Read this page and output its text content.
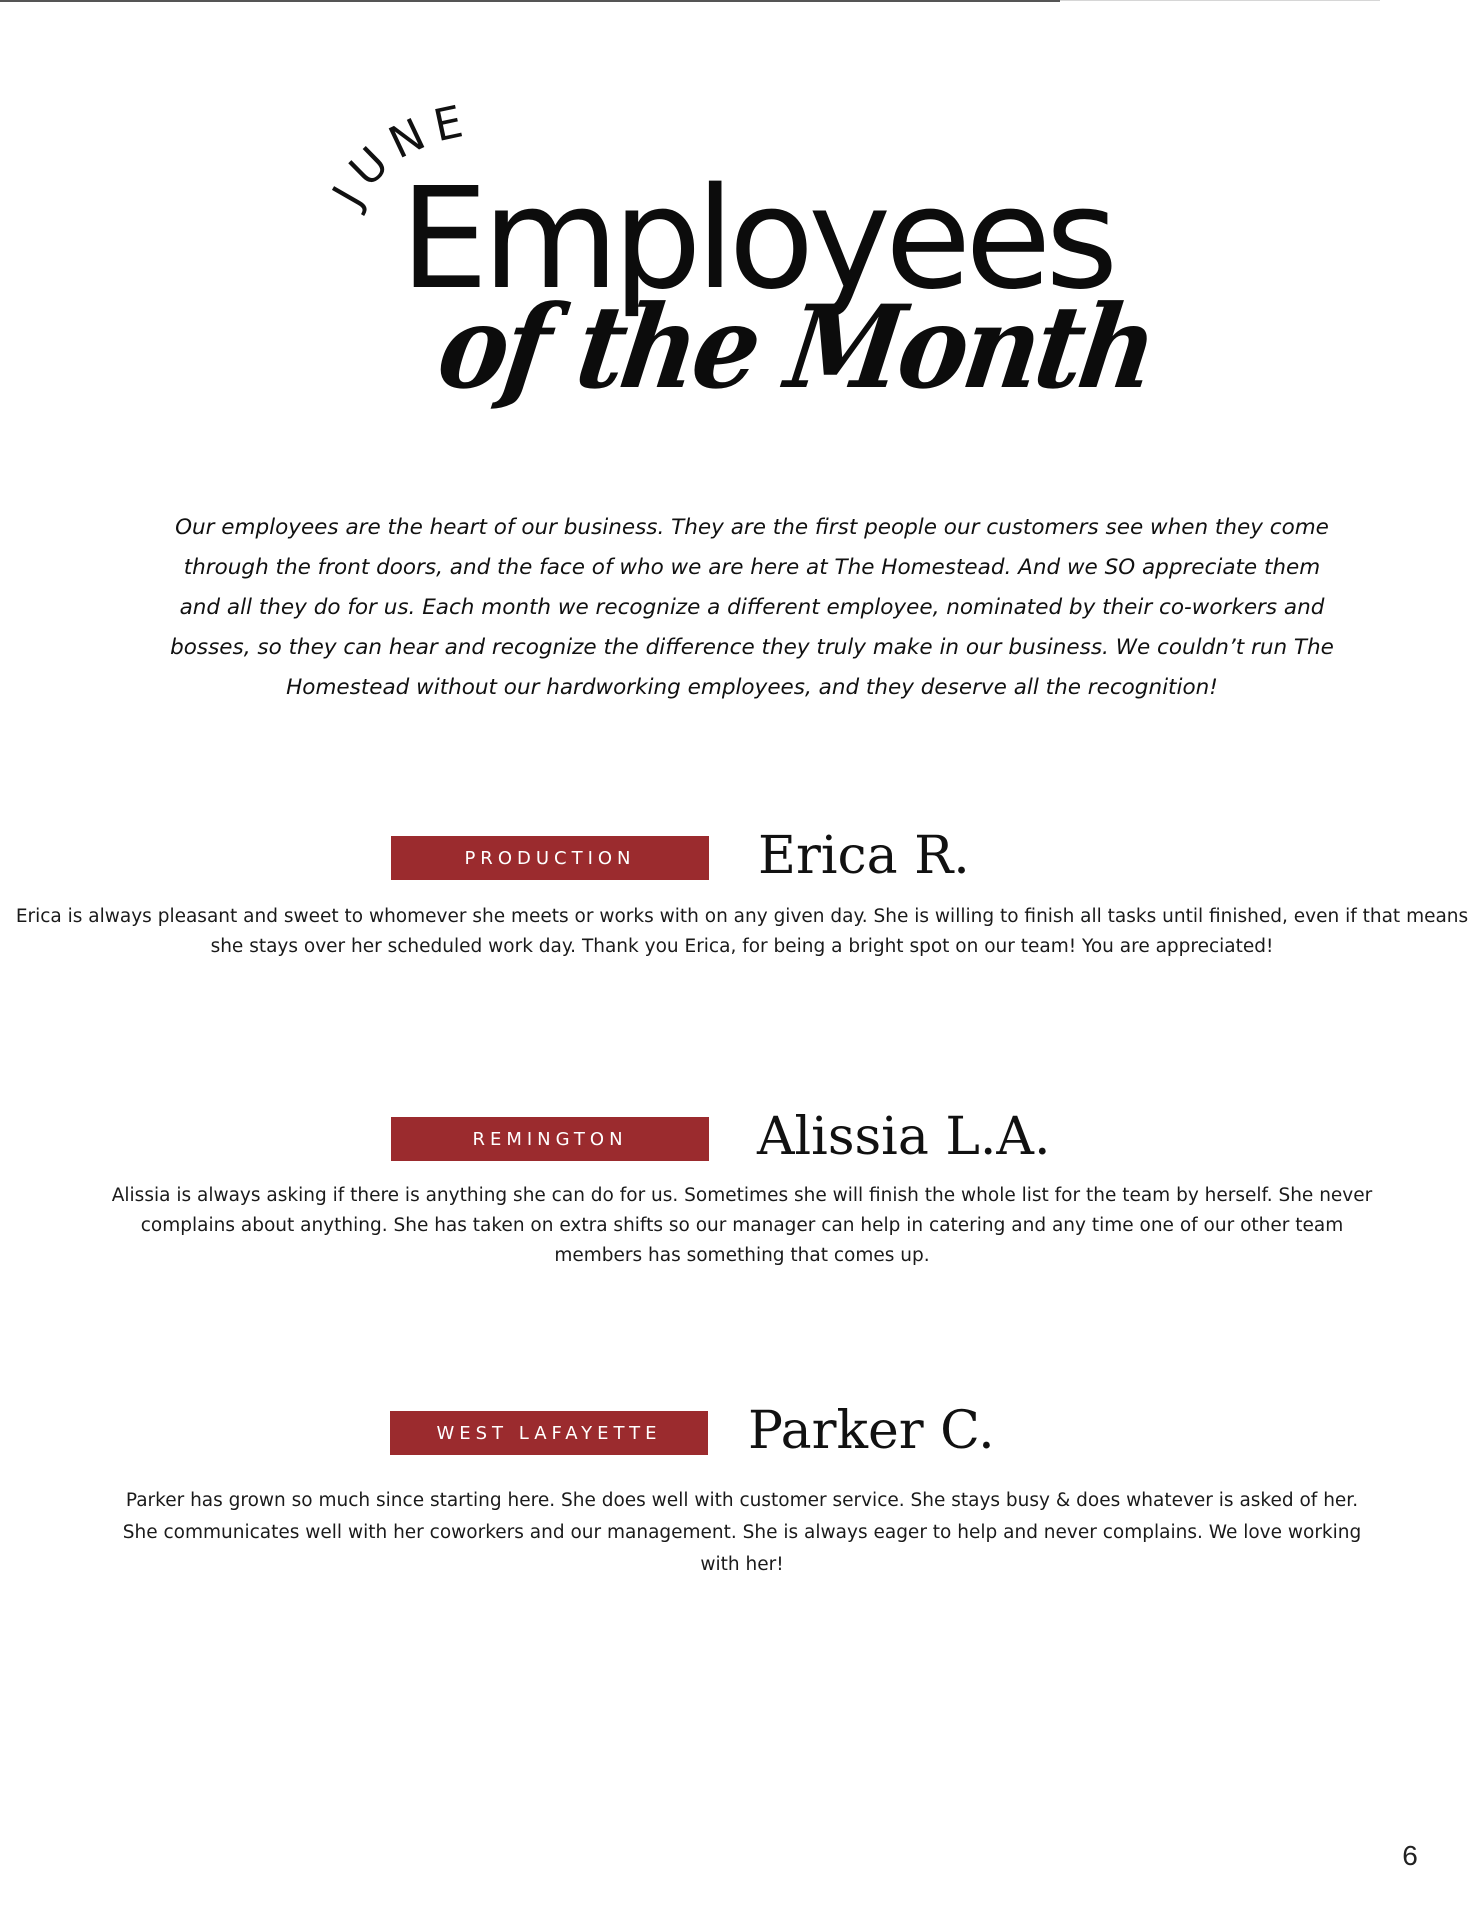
JUNE
Employees
of the Month

Our employees are the heart of our business. They are the first people our customers see when they come through the front doors, and the face of who we are here at The Homestead. And we SO appreciate them and all they do for us. Each month we recognize a different employee, nominated by their co-workers and bosses, so they can hear and recognize the difference they truly make in our business. We couldn’t run The Homestead without our hardworking employees, and they deserve all the recognition!

PRODUCTION	Erica R.

Erica is always pleasant and sweet to whomever she meets or works with on any given day. She is willing to finish all tasks until finished, even if that means she stays over her scheduled work day. Thank you Erica, for being a bright spot on our team! You are appreciated!

REMINGTON	Alissia L.A.

Alissia is always asking if there is anything she can do for us. Sometimes she will finish the whole list for the team by herself. She never complains about anything. She has taken on extra shifts so our manager can help in catering and any time one of our other team members has something that comes up.

WEST LAFAYETTE	Parker C.

Parker has grown so much since starting here. She does well with customer service. She stays busy & does whatever is asked of her. She communicates well with her coworkers and our management. She is always eager to help and never complains. We love working with her!

6
